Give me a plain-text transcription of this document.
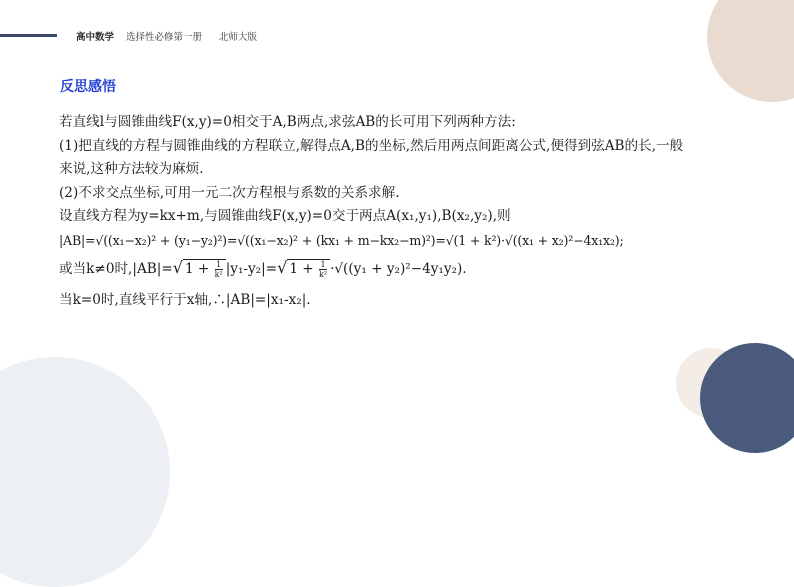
高中数学 选择性必修第一册 北师大版
反思感悟
若直线l与圆锥曲线F(x,y)=0相交于A,B两点,求弦AB的长可用下列两种方法:
(1)把直线的方程与圆锥曲线的方程联立,解得点A,B的坐标,然后用两点间距离公式,便得到弦AB的长,一般
来说,这种方法较为麻烦.
(2)不求交点坐标,可用一元二次方程根与系数的关系求解.
设直线方程为y=kx+m,与圆锥曲线F(x,y)=0交于两点A(x₁,y₁),B(x₂,y₂),则
|AB|=√((x₁−x₂)² + (y₁−y₂)²)=√((x₁−x₂)² + (kx₁ + m−kx₂−m)²)=√(1 + k²)·√((x₁ + x₂)²−4x₁x₂);
或当k≠0时,|AB|=√ $1 + \frac{1}{\text{k²}} |y_1-y_2|=√$ $1 + \frac{1}{\text{k²}} \cdot√((y_1 + y_2)^2-4y_1y_2)$.
当k=0时,直线平行于x轴,∴|AB|=|x₁-x₂|.
